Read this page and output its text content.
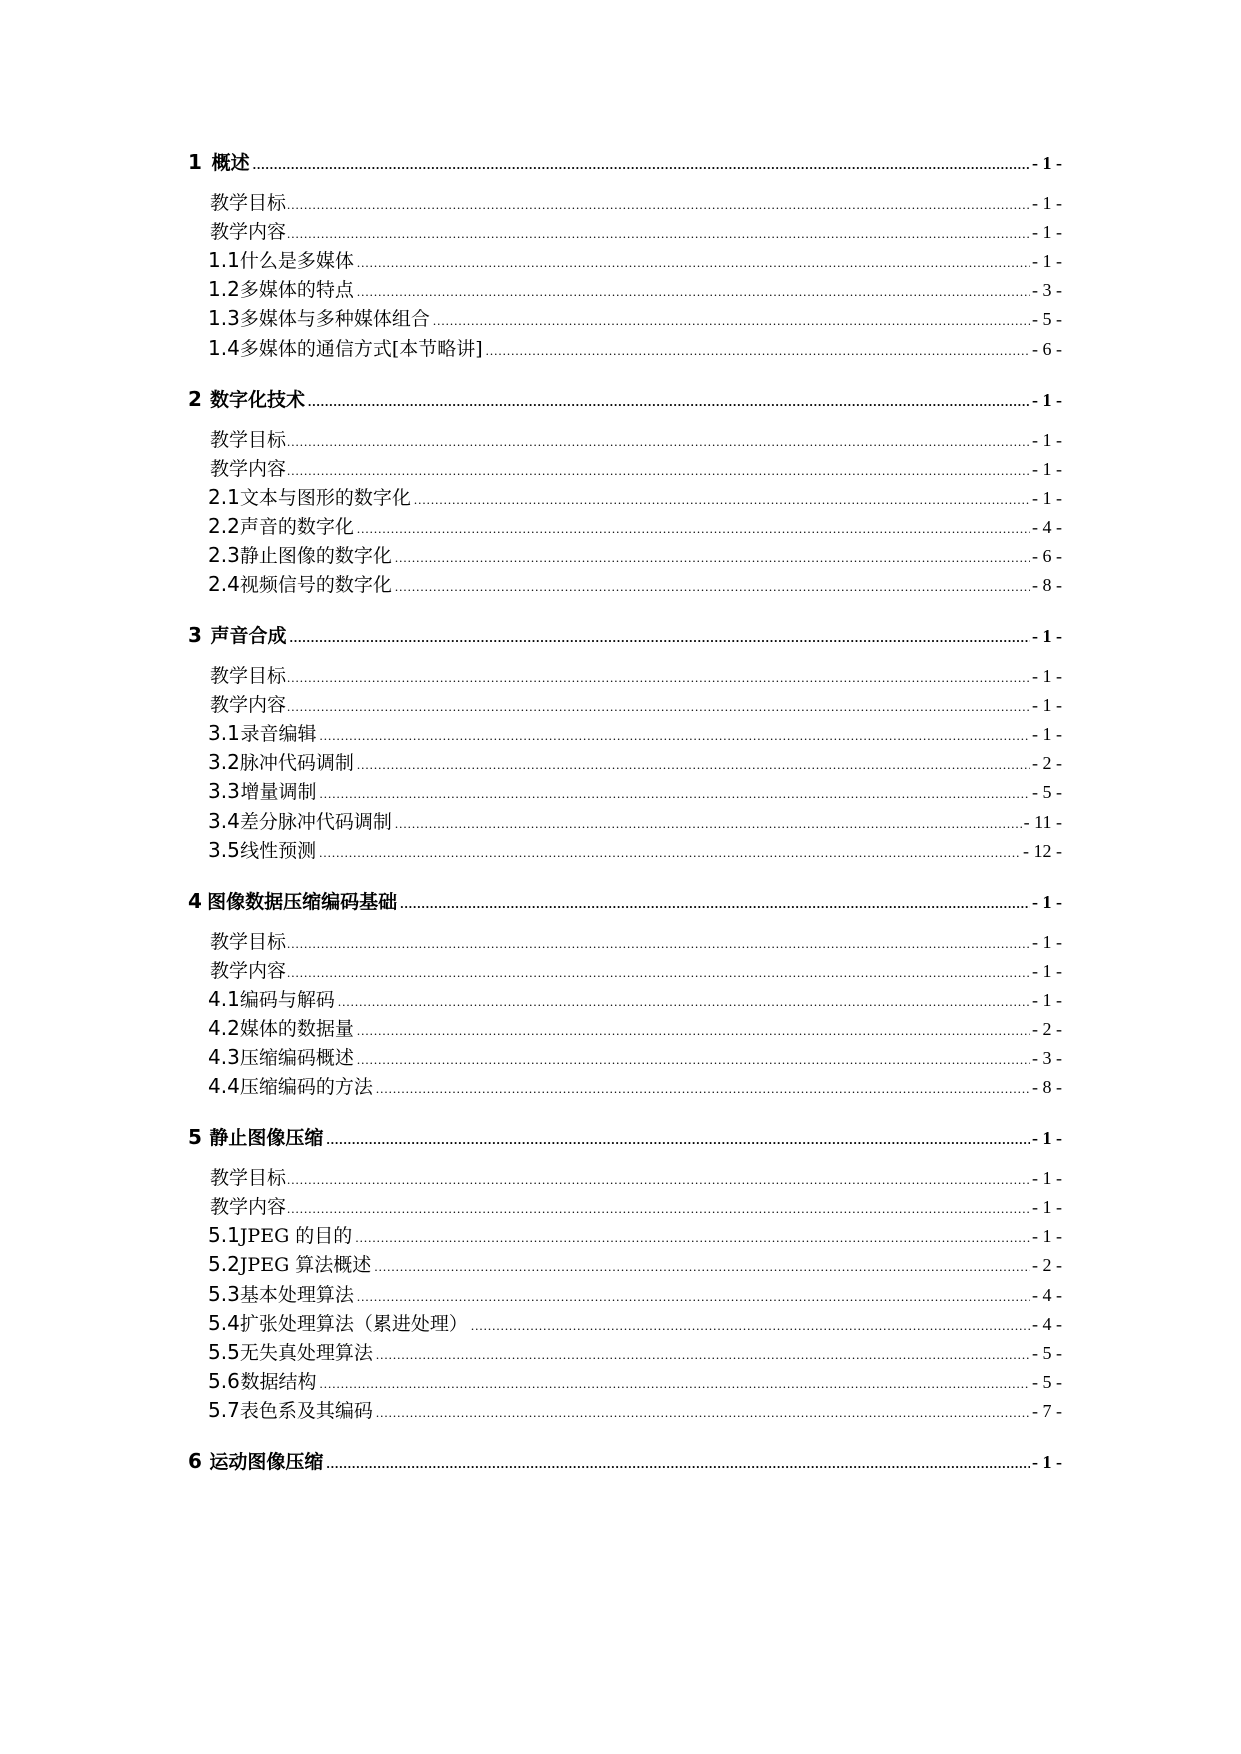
1 概述 .....	- 1 -
教学目标 .....	- 1 -
教学内容 .....	- 1 -
1.1 什么是多媒体 .....	- 1 -
1.2 多媒体的特点 .....	- 3 -
1.3 多媒体与多种媒体组合 .....	- 5 -
1.4 多媒体的通信方式[本节略讲] .....	- 6 -
2 数字化技术 .....	- 1 -
教学目标 .....	- 1 -
教学内容 .....	- 1 -
2.1 文本与图形的数字化 .....	- 1 -
2.2 声音的数字化 .....	- 4 -
2.3 静止图像的数字化 .....	- 6 -
2.4 视频信号的数字化 .....	- 8 -
3 声音合成 .....	- 1 -
教学目标 .....	- 1 -
教学内容 .....	- 1 -
3.1 录音编辑 .....	- 1 -
3.2 脉冲代码调制 .....	- 2 -
3.3 增量调制 .....	- 5 -
3.4 差分脉冲代码调制 .....	- 11 -
3.5 线性预测 .....	- 12 -
4 图像数据压缩编码基础 .....	- 1 -
教学目标 .....	- 1 -
教学内容 .....	- 1 -
4.1 编码与解码 .....	- 1 -
4.2 媒体的数据量 .....	- 2 -
4.3 压缩编码概述 .....	- 3 -
4.4 压缩编码的方法 .....	- 8 -
5 静止图像压缩 .....	- 1 -
教学目标 .....	- 1 -
教学内容 .....	- 1 -
5.1 JPEG 的目的 .....	- 1 -
5.2 JPEG 算法概述 .....	- 2 -
5.3 基本处理算法 .....	- 4 -
5.4 扩张处理算法（累进处理） .....	- 4 -
5.5 无失真处理算法 .....	- 5 -
5.6 数据结构 .....	- 5 -
5.7 表色系及其编码 .....	- 7 -
6 运动图像压缩 .....	- 1 -
